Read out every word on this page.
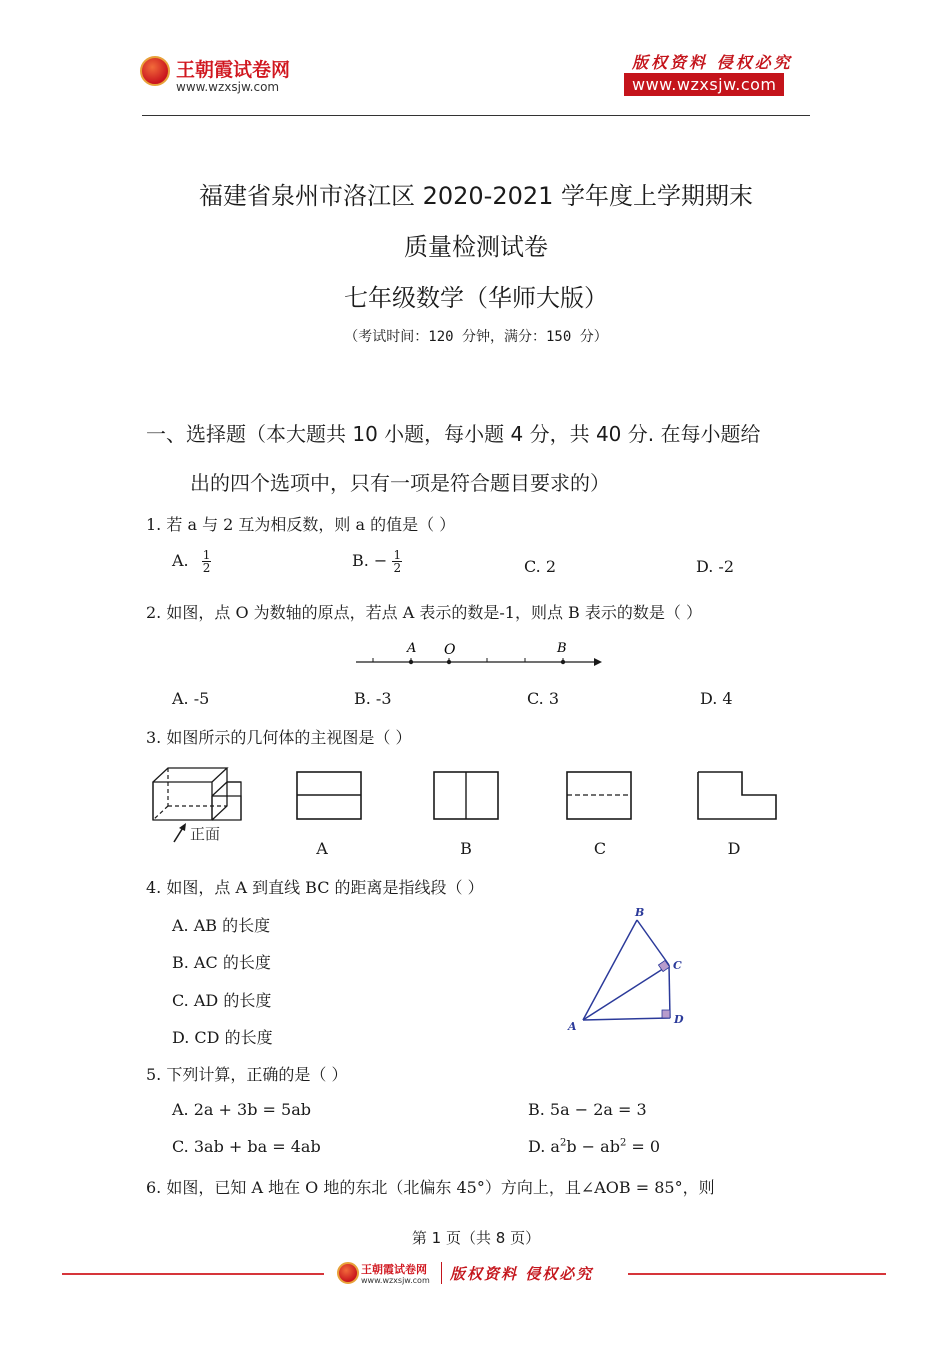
王朝霞试卷网
www.wzxsjw.com
版权资料 侵权必究
www.wzxsjw.com
福建省泉州市洛江区 2020-2021 学年度上学期期末
质量检测试卷
七年级数学（华师大版）
（考试时间：120 分钟，满分：150 分）
一、选择题（本大题共 10 小题，每小题 4 分，共 40 分. 在每小题给
出的四个选项中，只有一项是符合题目要求的）
1. 若 a 与 2 互为相反数，则 a 的值是（ ）
A. $\frac{1}{2}$	B. − $\frac{1}{2}$	C. 2	D. -2
2. 如图，点 O 为数轴的原点，若点 A 表示的数是-1，则点 B 表示的数是（ ）
A O	B
A. -5	B. -3	C. 3	D. 4
3. 如图所示的几何体的主视图是（ ）
正面
A	B	C	D
4. 如图，点 A 到直线 BC 的距离是指线段（ ）
A. AB 的长度
B. AC 的长度
C. AD 的长度
D. CD 的长度
B
C
A
D
5. 下列计算，正确的是（ ）
A. 2a + 3b = 5ab	B. 5a − 2a = 3
C. 3ab + ba = 4ab	D. $a^2b - ab^2 = 0$
6. 如图，已知 A 地在 O 地的东北（北偏东 45°）方向上，且∠AOB = 85°，则
第 1 页（共 8 页）
王朝霞试卷网
www.wzxsjw.com 版权资料 侵权必究
